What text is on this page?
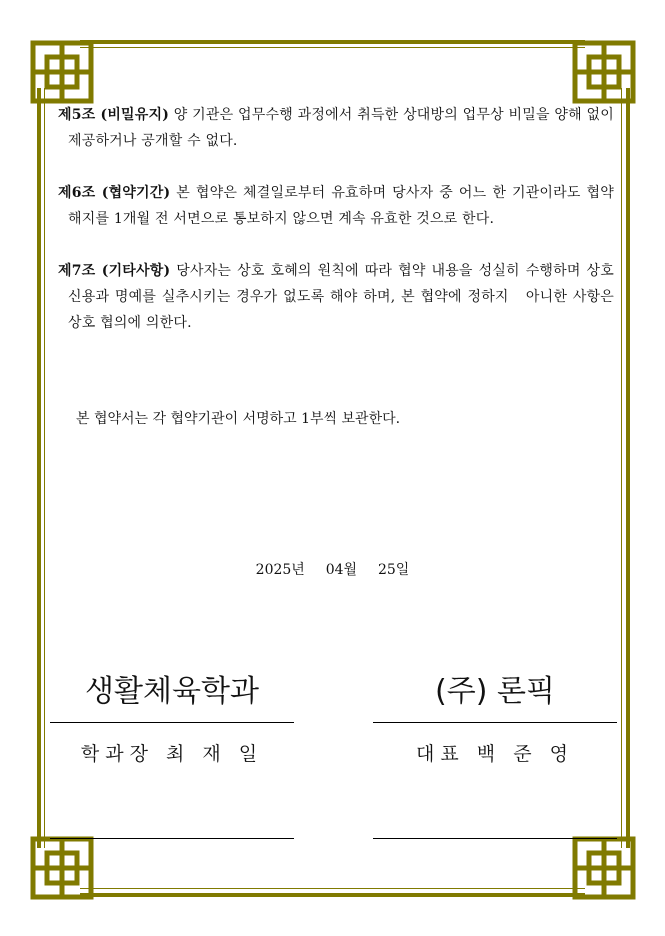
제5조 (비밀유지) 양 기관은 업무수행 과정에서 취득한 상대방의 업무상 비밀을 양해 없이 제공하거나 공개할 수 없다.

제6조 (협약기간) 본 협약은 체결일로부터 유효하며 당사자 중 어느 한 기관이라도 협약 해지를 1개월 전 서면으로 통보하지 않으면 계속 유효한 것으로 한다.

제7조 (기타사항) 당사자는 상호 호혜의 원칙에 따라 협약 내용을 성실히 수행하며 상호 신용과 명예를 실추시키는 경우가 없도록 해야 하며, 본 협약에 정하지   아니한 사항은 상호 협의에 의한다.

본 협약서는 각 협약기관이 서명하고 1부씩 보관한다.
2025년  04월  25일
생활체육학과
학과장 최 재 일
(주) 론픽
대표 백 준 영
